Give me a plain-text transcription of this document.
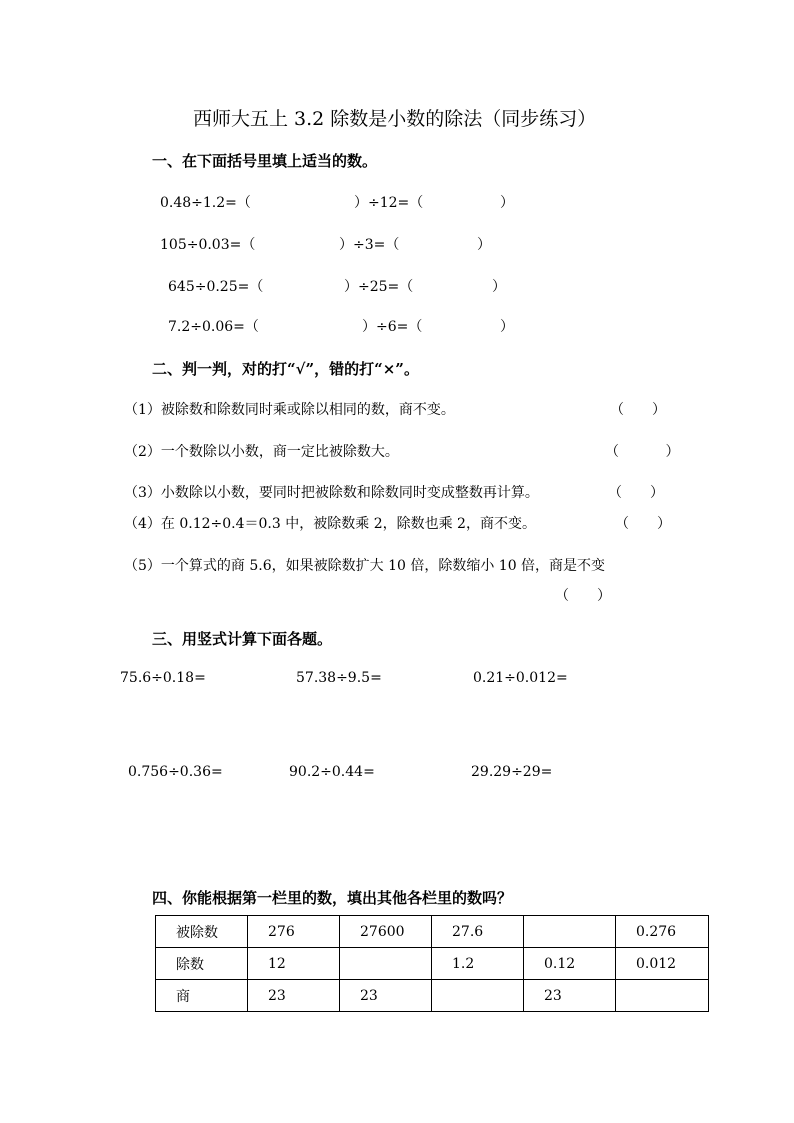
西师大五上 3.2 除数是小数的除法（同步练习）
一、在下面括号里填上适当的数。
0.48÷1.2=（	）÷12=（	）
105÷0.03=（	）÷3=（	）
645÷0.25=（	）÷25=（	）
7.2÷0.06=（	）÷6=（	）
二、判一判，对的打“√”，错的打“×”。
（1）被除数和除数同时乘或除以相同的数，商不变。	（　　）
（2）一个数除以小数，商一定比被除数大。	（　　　 ）
（3）小数除以小数，要同时把被除数和除数同时变成整数再计算。	（　　）
（4）在 0.12÷0.4＝0.3 中，被除数乘 2，除数也乘 2，商不变。	（　　）
（5）一个算式的商 5.6，如果被除数扩大 10 倍，除数缩小 10 倍，商是不变
（　　）
三、用竖式计算下面各题。
75.6÷0.18=	57.38÷9.5=	0.21÷0.012=
0.756÷0.36=	90.2÷0.44=	29.29÷29=
四、你能根据第一栏里的数，填出其他各栏里的数吗？
被除数	276	27600	27.6		0.276
除数	12		1.2	0.12	0.012
商	23	23		23	
